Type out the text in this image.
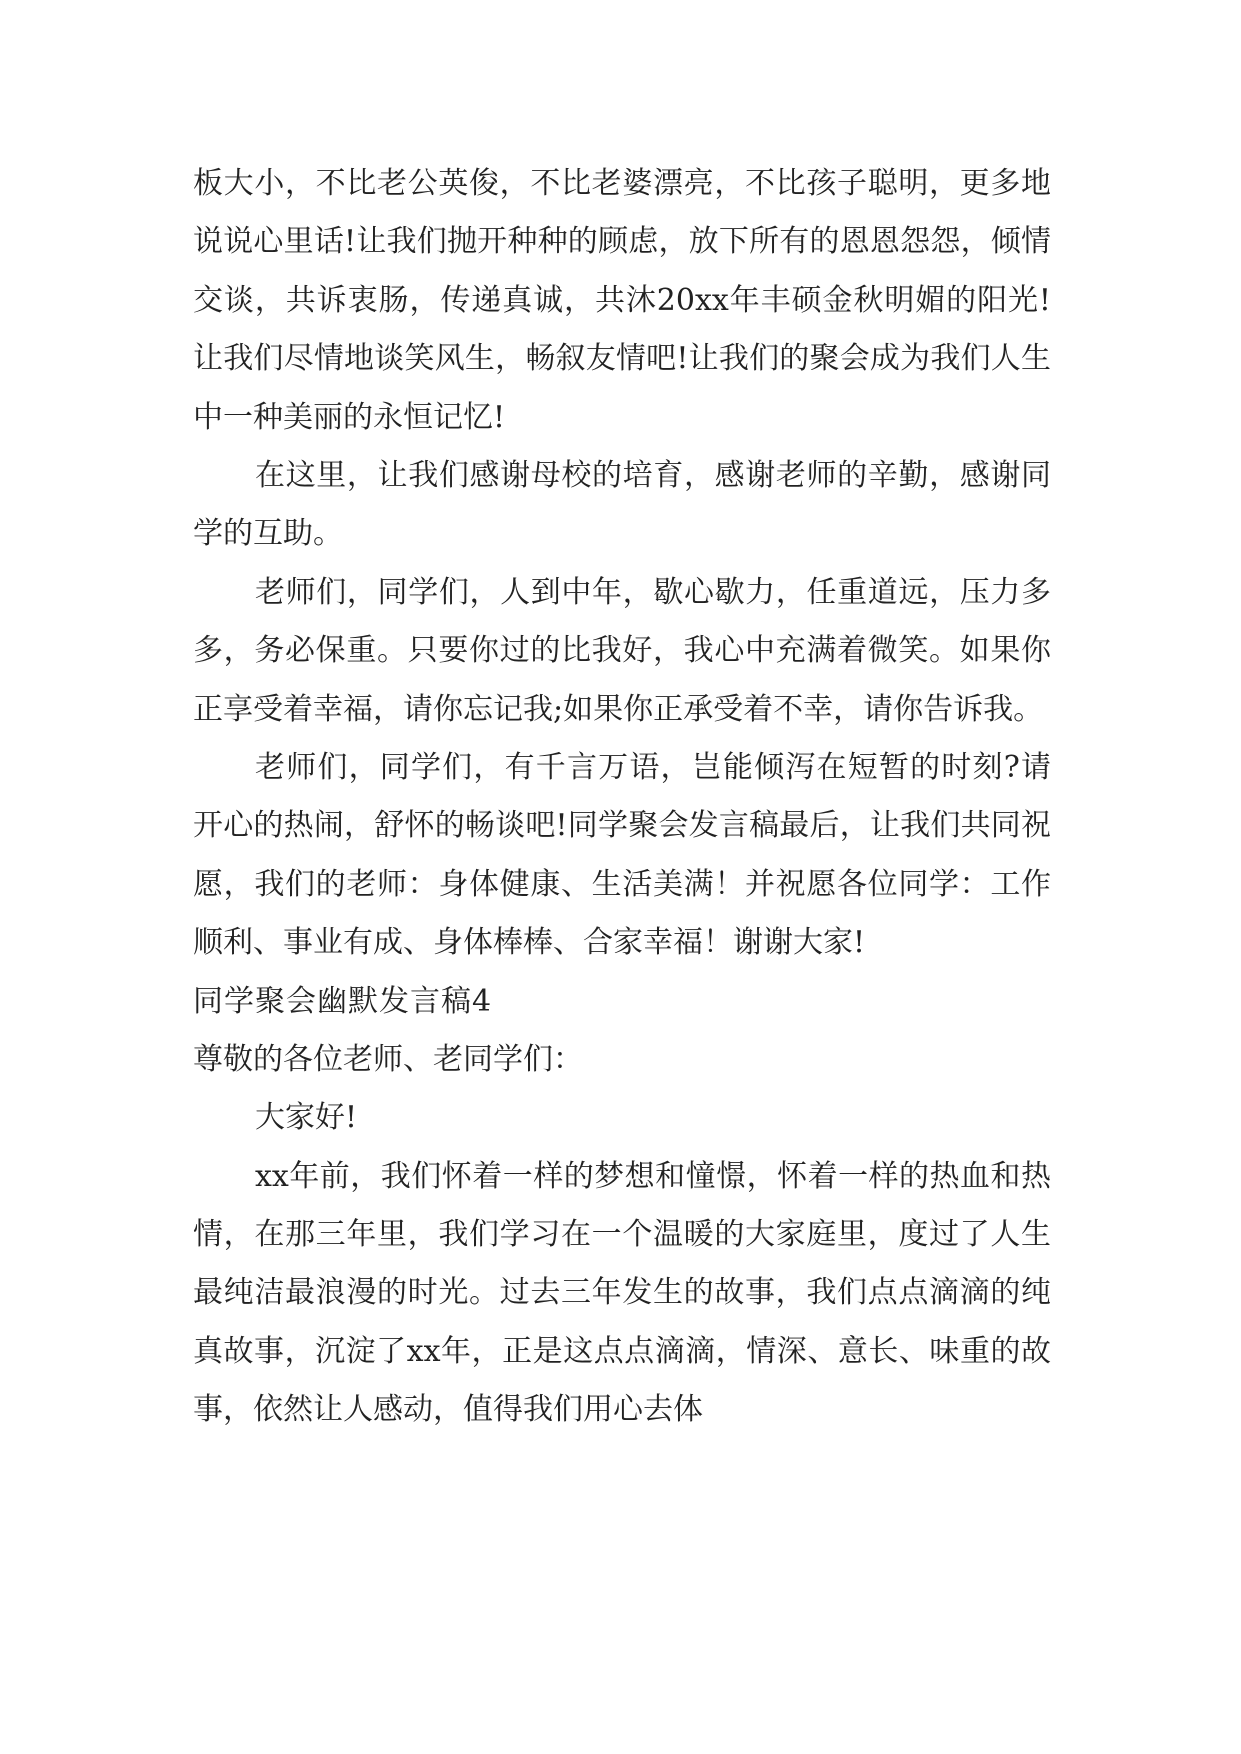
板大小，不比老公英俊，不比老婆漂亮，不比孩子聪明，更多地说说心里话!让我们抛开种种的顾虑，放下所有的恩恩怨怨，倾情交谈，共诉衷肠，传递真诚，共沐20xx年丰硕金秋明媚的阳光!让我们尽情地谈笑风生，畅叙友情吧!让我们的聚会成为我们人生中一种美丽的永恒记忆!

在这里，让我们感谢母校的培育，感谢老师的辛勤，感谢同学的互助。

老师们，同学们，人到中年，歇心歇力，任重道远，压力多多，务必保重。只要你过的比我好，我心中充满着微笑。如果你正享受着幸福，请你忘记我;如果你正承受着不幸，请你告诉我。

老师们，同学们，有千言万语，岂能倾泻在短暂的时刻?请开心的热闹，舒怀的畅谈吧!同学聚会发言稿最后，让我们共同祝愿，我们的老师：身体健康、生活美满！并祝愿各位同学：工作顺利、事业有成、身体棒棒、合家幸福！谢谢大家!

同学聚会幽默发言稿4

尊敬的各位老师、老同学们：

大家好!

xx年前，我们怀着一样的梦想和憧憬，怀着一样的热血和热情，在那三年里，我们学习在一个温暖的大家庭里，度过了人生最纯洁最浪漫的时光。过去三年发生的故事，我们点点滴滴的纯真故事，沉淀了xx年，正是这点点滴滴，情深、意长、味重的故事，依然让人感动，值得我们用心去体
